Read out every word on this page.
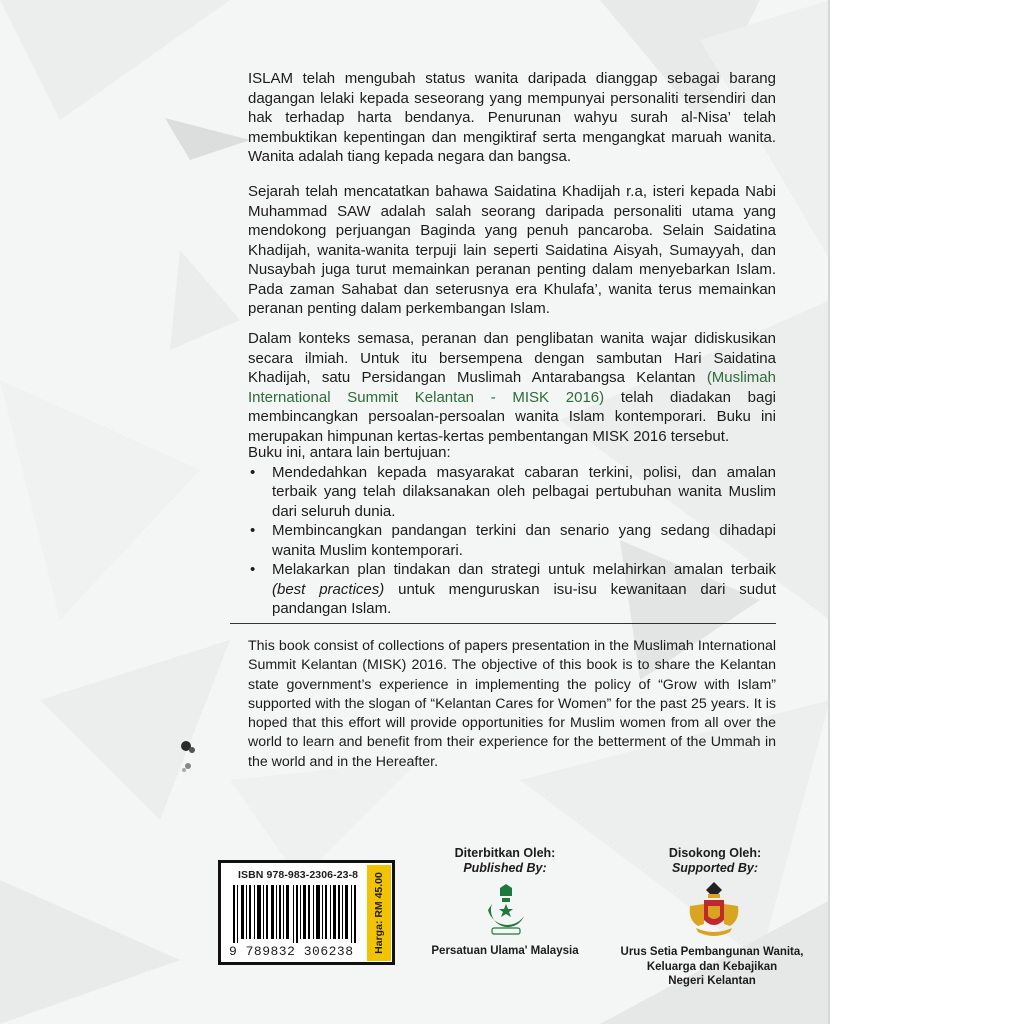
ISLAM telah mengubah status wanita daripada dianggap sebagai barang dagangan lelaki kepada seseorang yang mempunyai personaliti tersendiri dan hak terhadap harta bendanya. Penurunan wahyu surah al-Nisa’ telah membuktikan kepentingan dan mengiktiraf serta mengangkat maruah wanita. Wanita adalah tiang kepada negara dan bangsa.

Sejarah telah mencatatkan bahawa Saidatina Khadijah r.a, isteri kepada Nabi Muhammad SAW adalah salah seorang daripada personaliti utama yang mendokong perjuangan Baginda yang penuh pancaroba. Selain Saidatina Khadijah, wanita-wanita terpuji lain seperti Saidatina Aisyah, Sumayyah, dan Nusaybah juga turut memainkan peranan penting dalam menyebarkan Islam. Pada zaman Sahabat dan seterusnya era Khulafa’, wanita terus memainkan peranan penting dalam perkembangan Islam.

Dalam konteks semasa, peranan dan penglibatan wanita wajar didiskusikan secara ilmiah. Untuk itu bersempena dengan sambutan Hari Saidatina Khadijah, satu Persidangan Muslimah Antarabangsa Kelantan (Muslimah International Summit Kelantan - MISK 2016) telah diadakan bagi membincangkan persoalan-persoalan wanita Islam kontemporari. Buku ini merupakan himpunan kertas-kertas pembentangan MISK 2016 tersebut.

Buku ini, antara lain bertujuan:

• Mendedahkan kepada masyarakat cabaran terkini, polisi, dan amalan terbaik yang telah dilaksanakan oleh pelbagai pertubuhan wanita Muslim dari seluruh dunia.
• Membincangkan pandangan terkini dan senario yang sedang dihadapi wanita Muslim kontemporari.
• Melakarkan plan tindakan dan strategi untuk melahirkan amalan terbaik (best practices) untuk menguruskan isu-isu kewanitaan dari sudut pandangan Islam.

This book consist of collections of papers presentation in the Muslimah International Summit Kelantan (MISK) 2016. The objective of this book is to share the Kelantan state government’s experience in implementing the policy of “Grow with Islam” supported with the slogan of “Kelantan Cares for Women” for the past 25 years. It is hoped that this effort will provide opportunities for Muslim women from all over the world to learn and benefit from their experience for the betterment of the Ummah in the world and in the Hereafter.

ISBN 978-983-2306-23-8
9 789832 306238 Harga: RM 45.00
Diterbitkan Oleh:
Published By:
Persatuan Ulama' Malaysia
Disokong Oleh:
Supported By:
Urus Setia Pembangunan Wanita,
Keluarga dan Kebajikan
Negeri Kelantan
